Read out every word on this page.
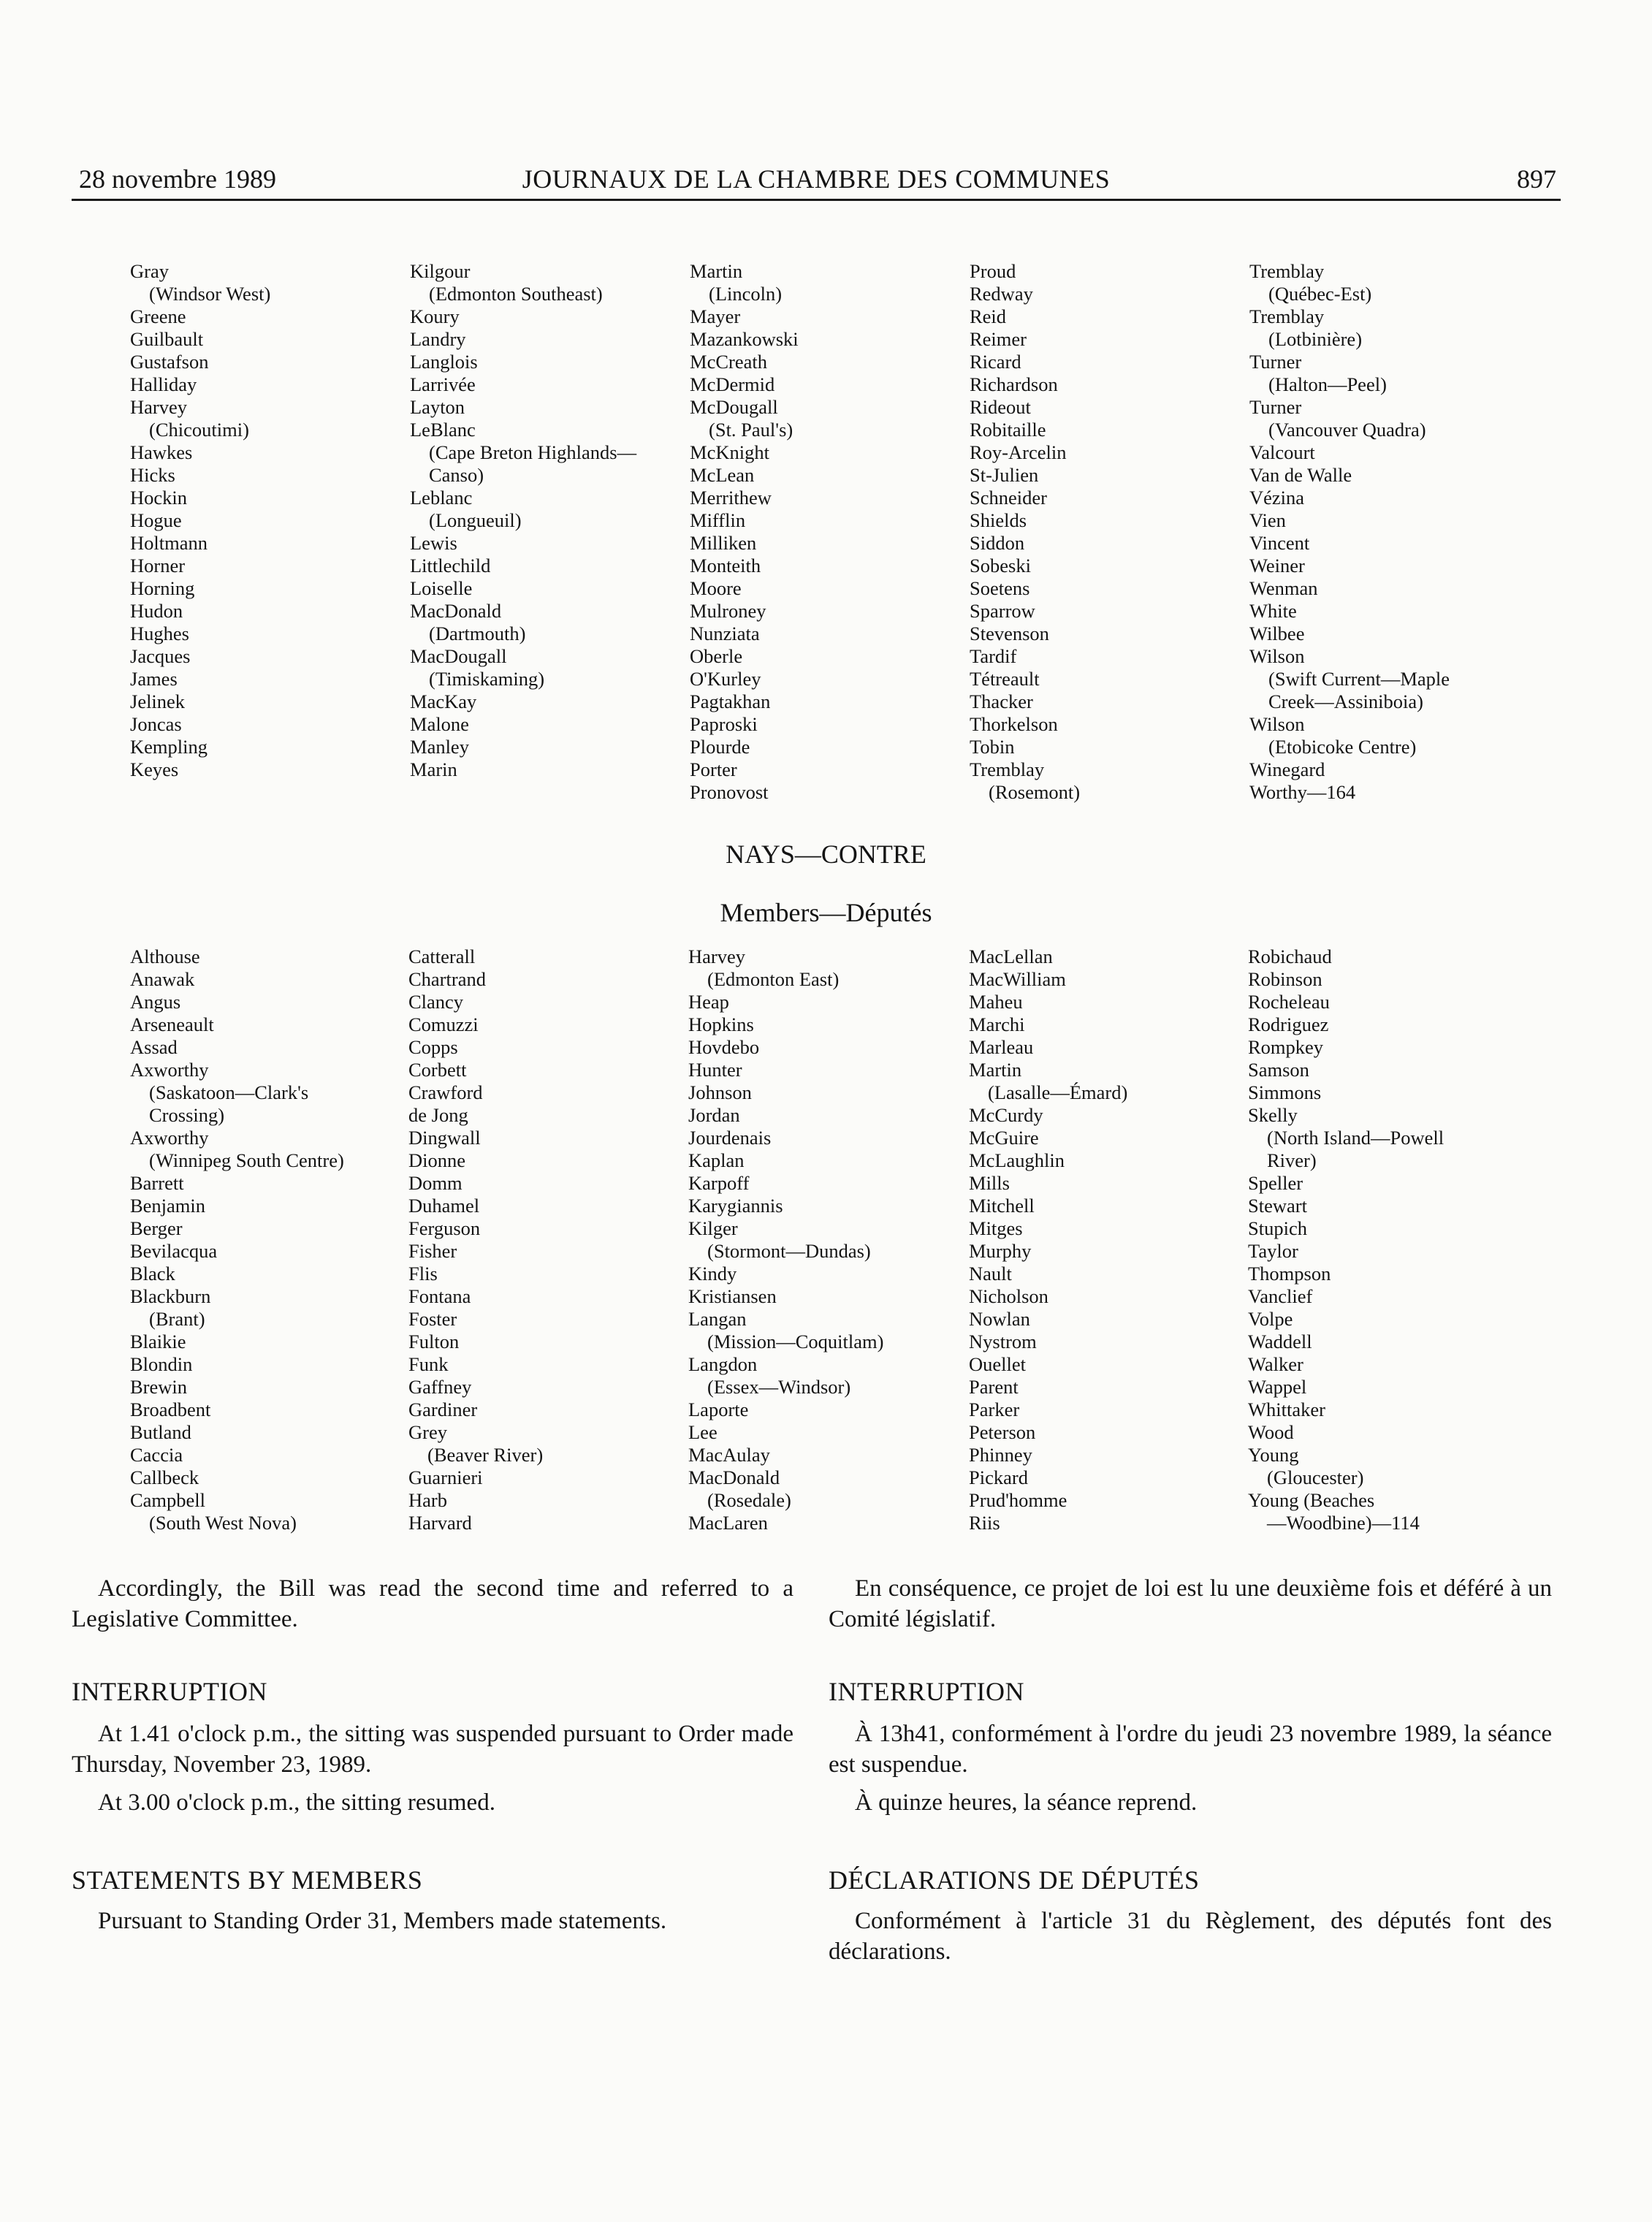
28 novembre 1989	JOURNAUX DE LA CHAMBRE DES COMMUNES	897
Gray
(Windsor West)
Greene
Guilbault
Gustafson
Halliday
Harvey
(Chicoutimi)
Hawkes
Hicks
Hockin
Hogue
Holtmann
Horner
Horning
Hudon
Hughes
Jacques
James
Jelinek
Joncas
Kempling
Keyes
Kilgour
(Edmonton Southeast)
Koury
Landry
Langlois
Larrivée
Layton
LeBlanc
(Cape Breton Highlands—
Canso)
Leblanc
(Longueuil)
Lewis
Littlechild
Loiselle
MacDonald
(Dartmouth)
MacDougall
(Timiskaming)
MacKay
Malone
Manley
Marin
Martin
(Lincoln)
Mayer
Mazankowski
McCreath
McDermid
McDougall
(St. Paul's)
McKnight
McLean
Merrithew
Mifflin
Milliken
Monteith
Moore
Mulroney
Nunziata
Oberle
O'Kurley
Pagtakhan
Paproski
Plourde
Porter
Pronovost
Proud
Redway
Reid
Reimer
Ricard
Richardson
Rideout
Robitaille
Roy-Arcelin
St-Julien
Schneider
Shields
Siddon
Sobeski
Soetens
Sparrow
Stevenson
Tardif
Tétreault
Thacker
Thorkelson
Tobin
Tremblay
(Rosemont)
Tremblay
(Québec-Est)
Tremblay
(Lotbinière)
Turner
(Halton—Peel)
Turner
(Vancouver Quadra)
Valcourt
Van de Walle
Vézina
Vien
Vincent
Weiner
Wenman
White
Wilbee
Wilson
(Swift Current—Maple
Creek—Assiniboia)
Wilson
(Etobicoke Centre)
Winegard
Worthy—164
NAYS—CONTRE
Members—Députés
Althouse
Anawak
Angus
Arseneault
Assad
Axworthy
(Saskatoon—Clark's
Crossing)
Axworthy
(Winnipeg South Centre)
Barrett
Benjamin
Berger
Bevilacqua
Black
Blackburn
(Brant)
Blaikie
Blondin
Brewin
Broadbent
Butland
Caccia
Callbeck
Campbell
(South West Nova)
Catterall
Chartrand
Clancy
Comuzzi
Copps
Corbett
Crawford
de Jong
Dingwall
Dionne
Domm
Duhamel
Ferguson
Fisher
Flis
Fontana
Foster
Fulton
Funk
Gaffney
Gardiner
Grey
(Beaver River)
Guarnieri
Harb
Harvard
Harvey
(Edmonton East)
Heap
Hopkins
Hovdebo
Hunter
Johnson
Jordan
Jourdenais
Kaplan
Karpoff
Karygiannis
Kilger
(Stormont—Dundas)
Kindy
Kristiansen
Langan
(Mission—Coquitlam)
Langdon
(Essex—Windsor)
Laporte
Lee
MacAulay
MacDonald
(Rosedale)
MacLaren
MacLellan
MacWilliam
Maheu
Marchi
Marleau
Martin
(Lasalle—Émard)
McCurdy
McGuire
McLaughlin
Mills
Mitchell
Mitges
Murphy
Nault
Nicholson
Nowlan
Nystrom
Ouellet
Parent
Parker
Peterson
Phinney
Pickard
Prud'homme
Riis
Robichaud
Robinson
Rocheleau
Rodriguez
Rompkey
Samson
Simmons
Skelly
(North Island—Powell
River)
Speller
Stewart
Stupich
Taylor
Thompson
Vanclief
Volpe
Waddell
Walker
Wappel
Whittaker
Wood
Young
(Gloucester)
Young (Beaches
—Woodbine)—114
Accordingly, the Bill was read the second time and referred to a Legislative Committee.
INTERRUPTION
At 1.41 o'clock p.m., the sitting was suspended pursuant to Order made Thursday, November 23, 1989.
At 3.00 o'clock p.m., the sitting resumed.
STATEMENTS BY MEMBERS
Pursuant to Standing Order 31, Members made statements.
En conséquence, ce projet de loi est lu une deuxième fois et déféré à un Comité législatif.
INTERRUPTION
À 13h41, conformément à l'ordre du jeudi 23 novembre 1989, la séance est suspendue.
À quinze heures, la séance reprend.
DÉCLARATIONS DE DÉPUTÉS
Conformément à l'article 31 du Règlement, des députés font des déclarations.
